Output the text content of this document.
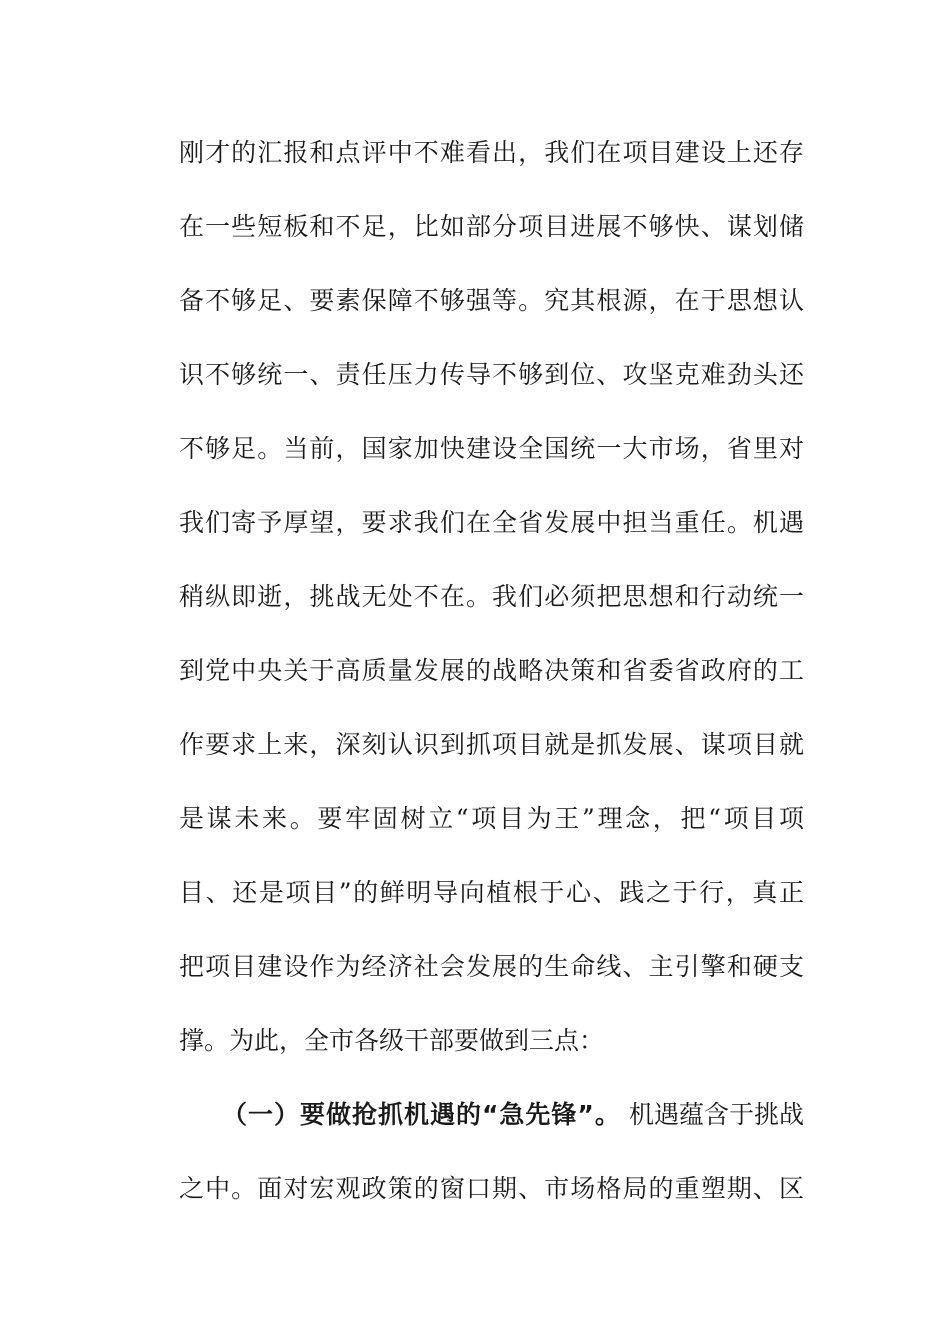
刚才的汇报和点评中不难看出，我们在项目建设上还存
在一些短板和不足，比如部分项目进展不够快、谋划储
备不够足、要素保障不够强等。究其根源，在于思想认
识不够统一、责任压力传导不够到位、攻坚克难劲头还
不够足。当前，国家加快建设全国统一大市场，省里对
我们寄予厚望，要求我们在全省发展中担当重任。机遇
稍纵即逝，挑战无处不在。我们必须把思想和行动统一
到党中央关于高质量发展的战略决策和省委省政府的工
作要求上来，深刻认识到抓项目就是抓发展、谋项目就
是谋未来。要牢固树立“项目为王”理念，把“项目项
目、还是项目”的鲜明导向植根于心、践之于行，真正
把项目建设作为经济社会发展的生命线、主引擎和硬支
撑。为此，全市各级干部要做到三点：
（一）要做抢抓机遇的“急先锋”。 机遇蕴含于挑战
之中。面对宏观政策的窗口期、市场格局的重塑期、区
